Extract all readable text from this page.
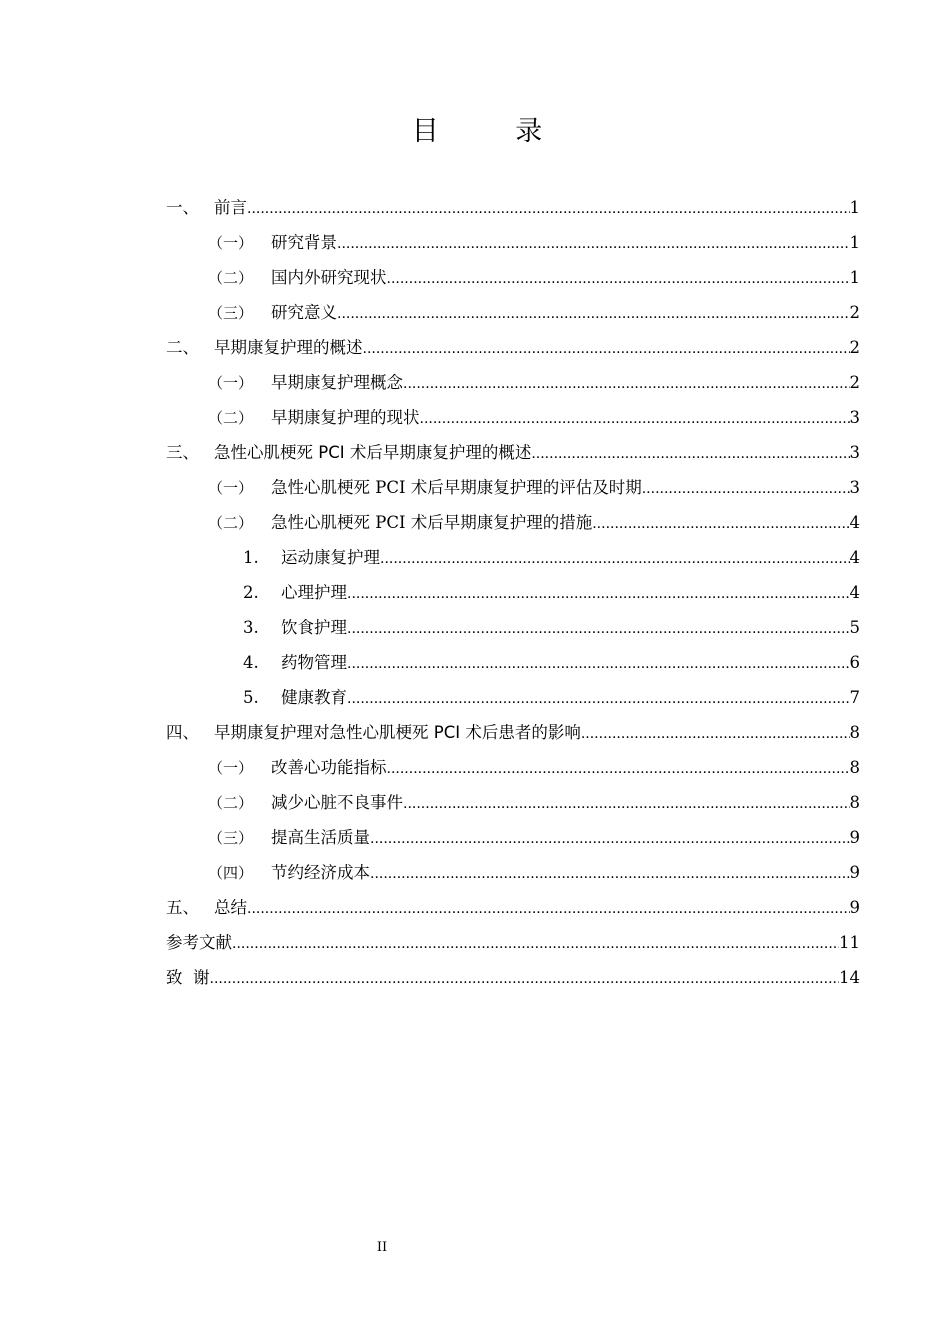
目 录
一、 前言 .....	1
（一）	研究背景 .....	1
（二）	国内外研究现状 .....	1
（三）	研究意义 .....	2
二、 早期康复护理的概述 .....	2
（一）	早期康复护理概念 .....	2
（二）	早期康复护理的现状 .....	3
三、 急性心肌梗死 PCI 术后早期康复护理的概述 .....	3
（一）	急性心肌梗死 PCI 术后早期康复护理的评估及时期 .....	3
（二）	急性心肌梗死 PCI 术后早期康复护理的措施 .....	4
1.	运动康复护理 .....	4
2.	心理护理 .....	4
3.	饮食护理 .....	5
4.	药物管理 .....	6
5.	健康教育 .....	7
四、 早期康复护理对急性心肌梗死 PCI 术后患者的影响 .....	8
（一）	改善心功能指标 .....	8
（二）	减少心脏不良事件 .....	8
（三）	提高生活质量 .....	9
（四）	节约经济成本 .....	9
五、 总结 .....	9
参考文献 .....	11
致  谢 .....	14
II
